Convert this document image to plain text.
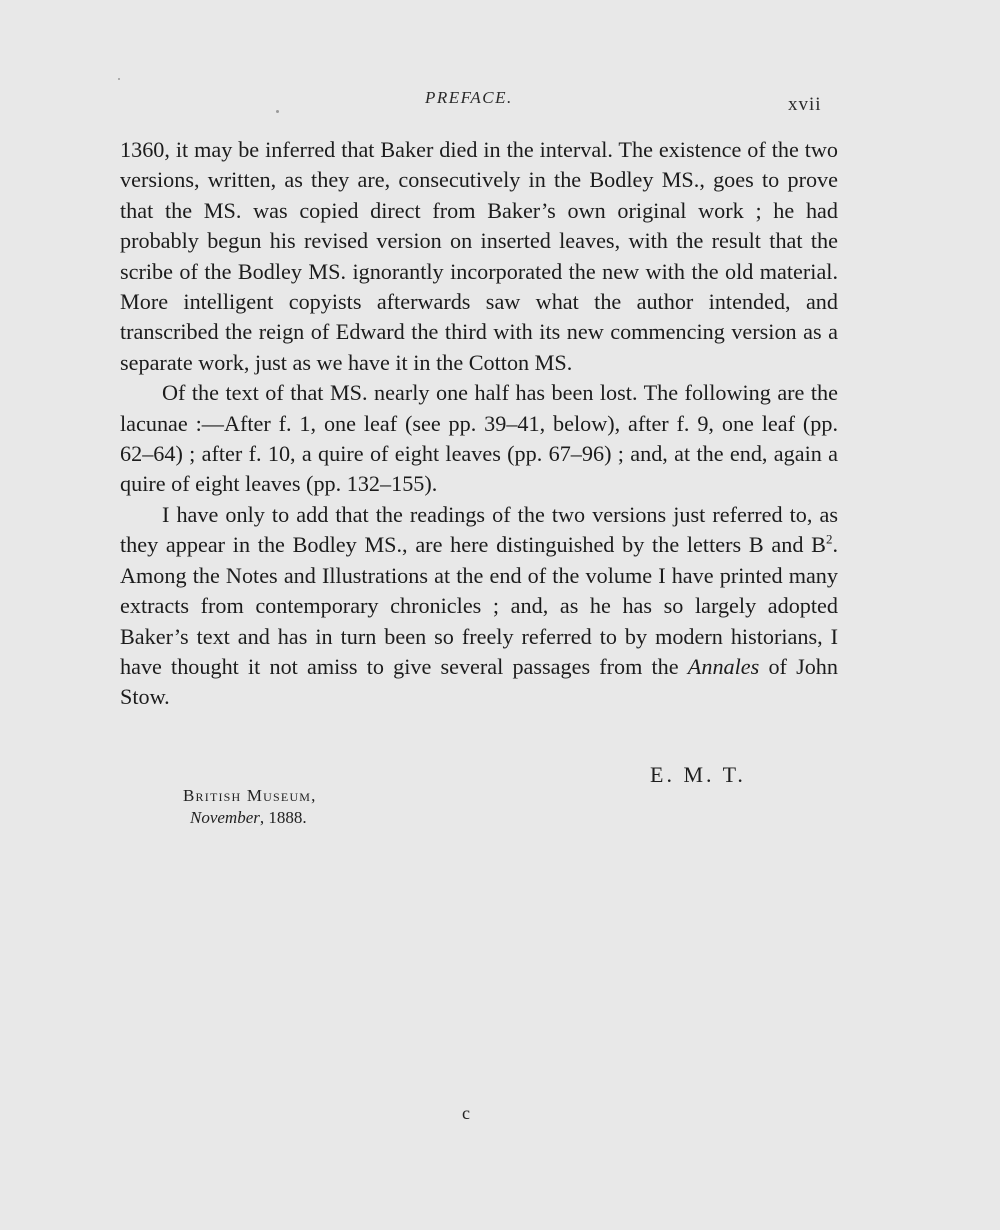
PREFACE.	xvii

1360, it may be inferred that Baker died in the interval. The existence of the two versions, written, as they are, consecutively in the Bodley MS., goes to prove that the MS. was copied direct from Baker’s own original work ; he had probably begun his revised version on inserted leaves, with the result that the scribe of the Bodley MS. ignorantly incorporated the new with the old material. More intelligent copyists afterwards saw what the author intended, and transcribed the reign of Edward the third with its new commencing version as a separate work, just as we have it in the Cotton MS.

Of the text of that MS. nearly one half has been lost. The following are the lacunae :—After f. 1, one leaf (see pp. 39–41, below), after f. 9, one leaf (pp. 62–64) ; after f. 10, a quire of eight leaves (pp. 67–96) ; and, at the end, again a quire of eight leaves (pp. 132–155).

I have only to add that the readings of the two versions just referred to, as they appear in the Bodley MS., are here distinguished by the letters B and $B^2$. Among the Notes and Illustrations at the end of the volume I have printed many extracts from contemporary chronicles ; and, as he has so largely adopted Baker’s text and has in turn been so freely referred to by modern historians, I have thought it not amiss to give several passages from the Annales of John Stow.

E. M. T.
British Museum,
November, 1888.
c
